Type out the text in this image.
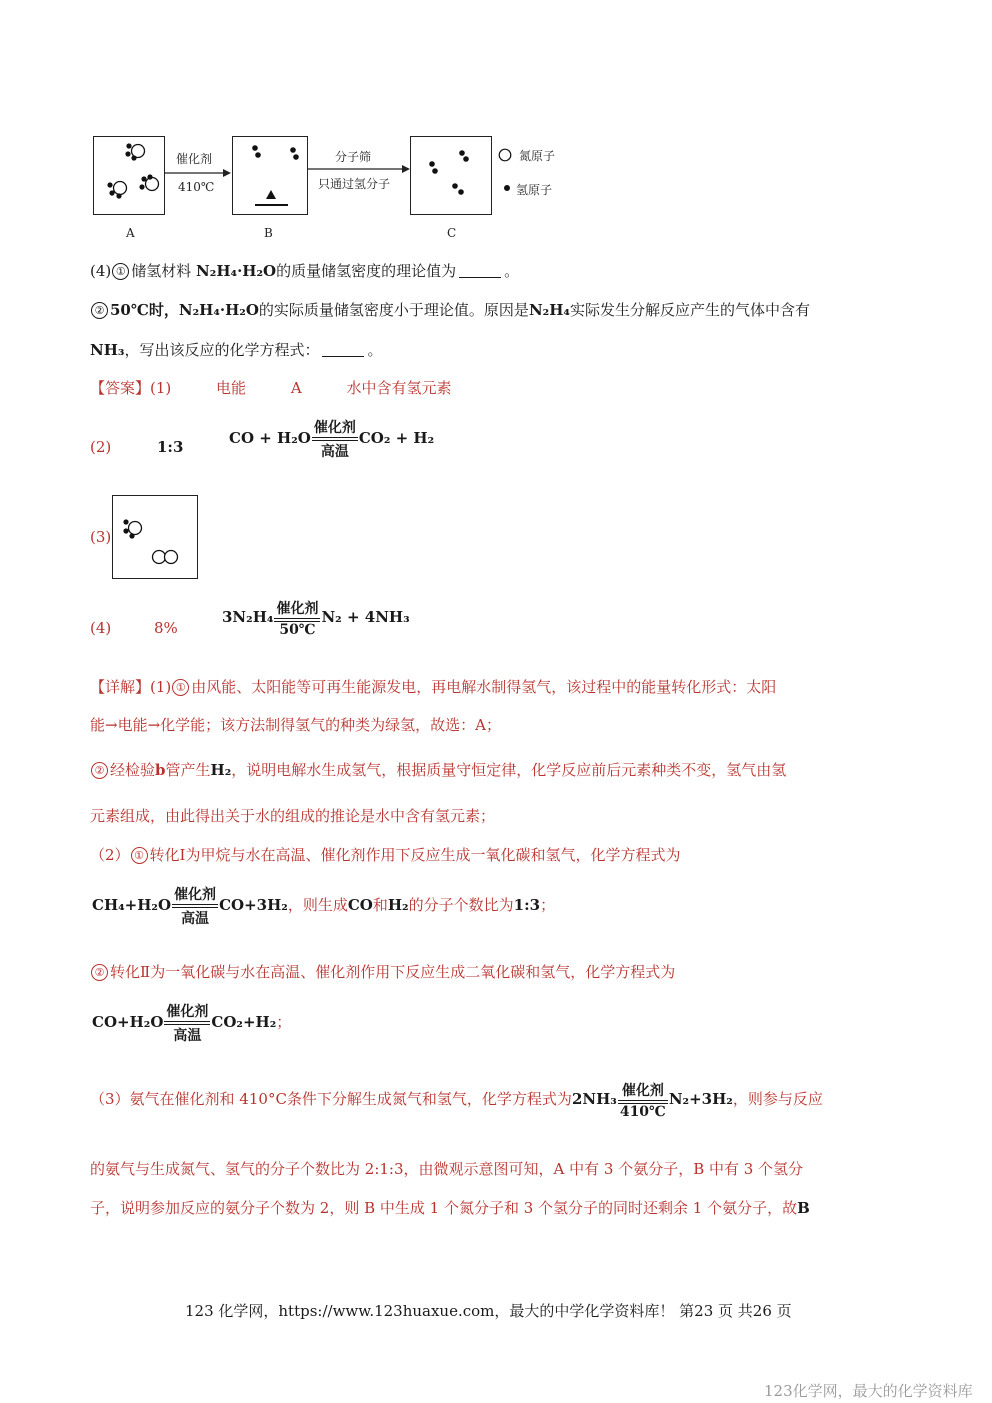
催化剂
410℃
分子筛
只通过氢分子
氮原子
氢原子
A	B	C
(4) ① 储氢材料 N₂H₄·H₂O的质量储氢密度的理论值为	。
② 50℃时，N₂H₄·H₂O的实际质量储氢密度小于理论值。原因是N₂H₄实际发生分解反应产生的气体中含有
NH₃，写出该反应的化学方程式：	。
【答案】(1)	电能	A	水中含有氢元素
(2)	1:3	CO + $H_2O \frac{\text{催化剂}}{\text{高温}} CO_2 + H_2$
(3)
(4)	8%
$3N_2H_4 \frac{\text{催化剂}}{50℃} N_2 + 4NH_3$
【详解】(1) ① 由风能、太阳能等可再生能源发电，再电解水制得氢气，该过程中的能量转化形式：太阳
能→电能→化学能；该方法制得氢气的种类为绿氢，故选：A；
② 经检验b管产生H₂，说明电解水生成氢气，根据质量守恒定律，化学反应前后元素种类不变，氢气由氢
元素组成，由此得出关于水的组成的推论是水中含有氢元素；
（2） ① 转化Ⅰ为甲烷与水在高温、催化剂作用下反应生成一氧化碳和氢气，化学方程式为
$CH_4+H_2O \frac{\text{催化剂}}{\text{高温}} CO+3H_2$，则生成CO和H₂的分子个数比为1:3；
② 转化Ⅱ为一氧化碳与水在高温、催化剂作用下反应生成二氧化碳和氢气，化学方程式为
$CO+H_2O \frac{\text{催化剂}}{\text{高温}} CO_2+H_2$；
（3）氨气在催化剂和 410°C条件下分解生成氮气和氢气，化学方程式为$2NH_3 \frac{\text{催化剂}}{410℃} N_2+3H_2$，则参与反应
的氨气与生成氮气、氢气的分子个数比为 2:1:3，由微观示意图可知，A 中有 3 个氨分子，B 中有 3 个氢分
子，说明参加反应的氨分子个数为 2，则 B 中生成 1 个氮分子和 3 个氢分子的同时还剩余 1 个氨分子，故B
123 化学网，https://www.123huaxue.com，最大的中学化学资料库！ 第23 页 共26 页
123化学网，最大的化学资料库
